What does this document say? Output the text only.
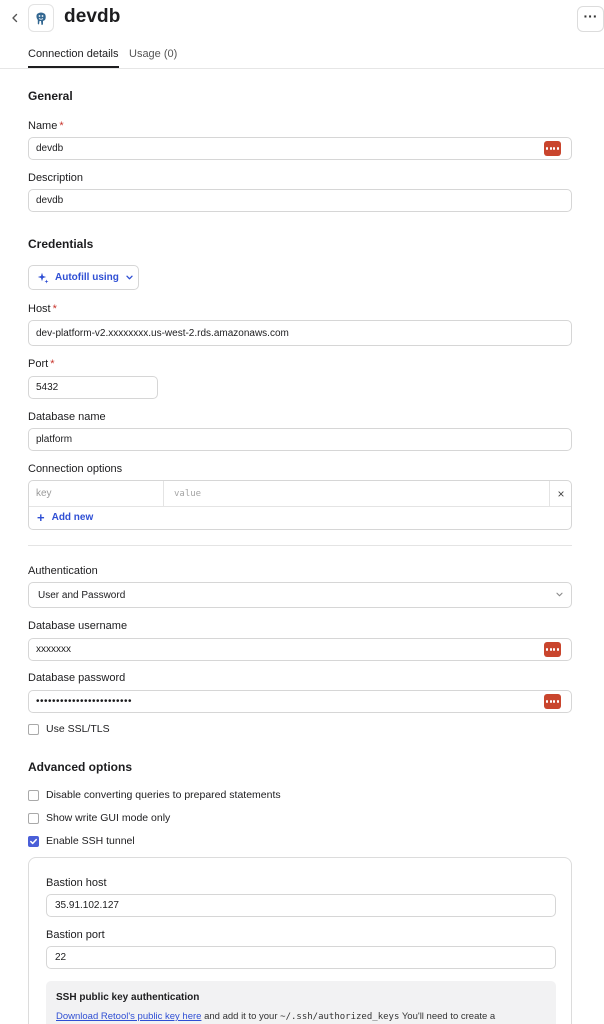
devdb	···
Connection details Usage (0)
General
Name *
devdb
Description
devdb
Credentials
Autofill using
Host *
dev-platform-v2.xxxxxxxx.us-west-2.rds.amazonaws.com
Port *
5432
Database name
platform
Connection options
key	value	×
+ Add new
Authentication
User and Password
Database username
xxxxxxx
Database password
••••••••••••••••••••••••
Use SSL/TLS
Advanced options
Disable converting queries to prepared statements
Show write GUI mode only
Enable SSH tunnel
Bastion host
35.91.102.127
Bastion port
22
SSH public key authentication
Download Retool's public key here and add it to your ~/.ssh/authorized_keys You'll need to create a
